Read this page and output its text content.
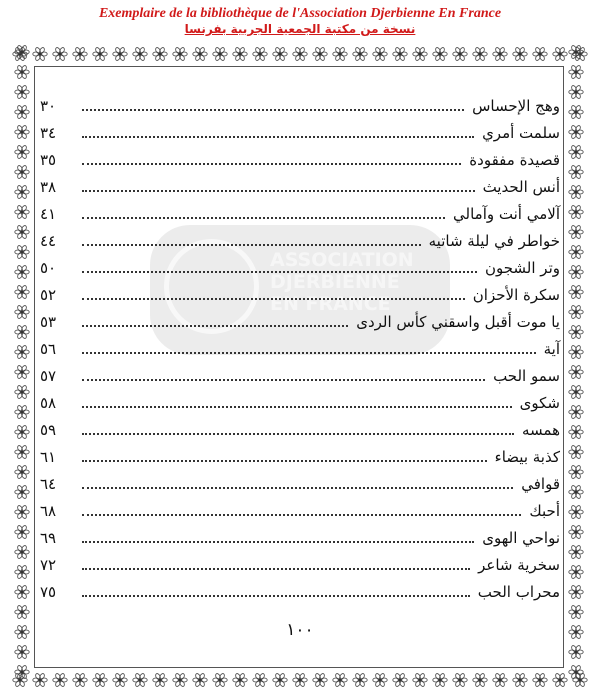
Exemplaire de la bibliothèque de l'Association Djerbienne En France
نسخة من مكتبة الجمعية الجربية بفرنسا
ASSOCIATION
DJERBIENNE
EN FRANCE
وهج الإحساس
٣٠
سلمت أمري
٣٤
قصيدة مفقودة
٣٥
أنس الحديث
٣٨
آلامي أنت وآمالي
٤١
خواطر في ليلة شاتيه
٤٤
وتر الشجون
٥٠
سكرة الأحزان
٥٢
يا موت أقبل واسقني كأس الردى
٥٣
آية
٥٦
سمو الحب
٥٧
شكوى
٥٨
همسه
٥٩
كذبة بيضاء
٦١
قوافي
٦٤
أحبك
٦٨
نواحي الهوى
٦٩
سخرية شاعر
٧٢
محراب الحب
٧٥
١٠٠
